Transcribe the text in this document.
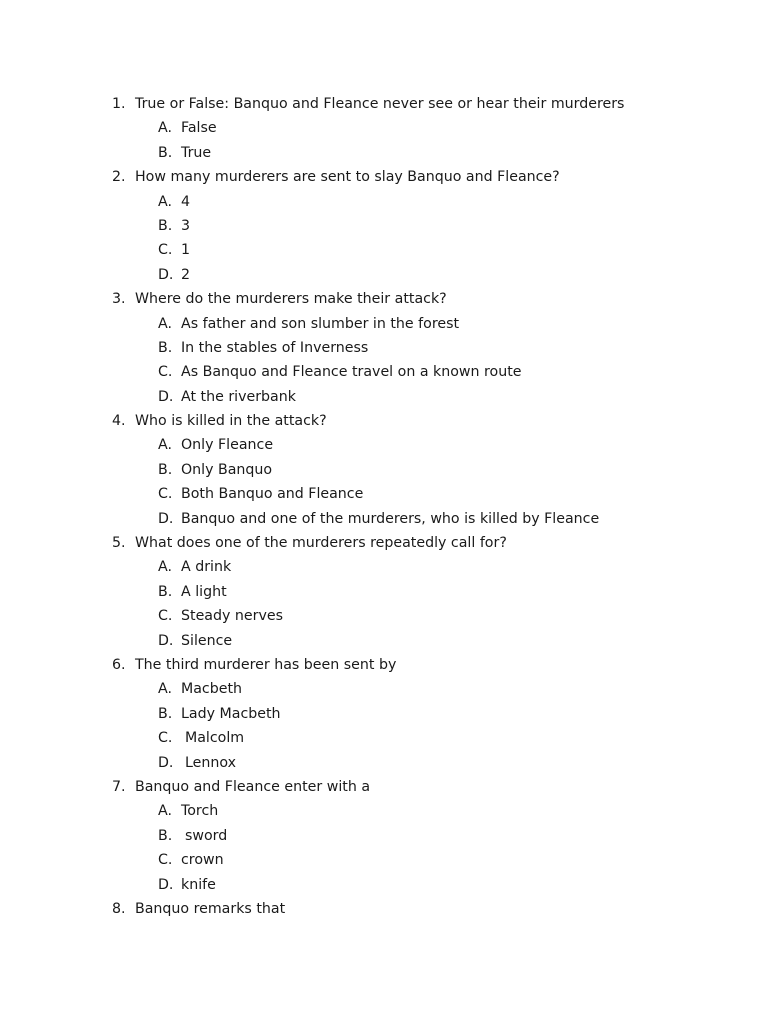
1. True or False: Banquo and Fleance never see or hear their murderers
A. False
B. True
2. How many murderers are sent to slay Banquo and Fleance?
A. 4
B. 3
C. 1
D. 2
3. Where do the murderers make their attack?
A. As father and son slumber in the forest
B. In the stables of Inverness
C. As Banquo and Fleance travel on a known route
D. At the riverbank
4. Who is killed in the attack?
A. Only Fleance
B. Only Banquo
C. Both Banquo and Fleance
D. Banquo and one of the murderers, who is killed by Fleance
5. What does one of the murderers repeatedly call for?
A. A drink
B. A light
C. Steady nerves
D. Silence
6. The third murderer has been sent by
A. Macbeth
B. Lady Macbeth
C. Malcolm
D. Lennox
7. Banquo and Fleance enter with a
A. Torch
B. sword
C. crown
D. knife
8. Banquo remarks that
